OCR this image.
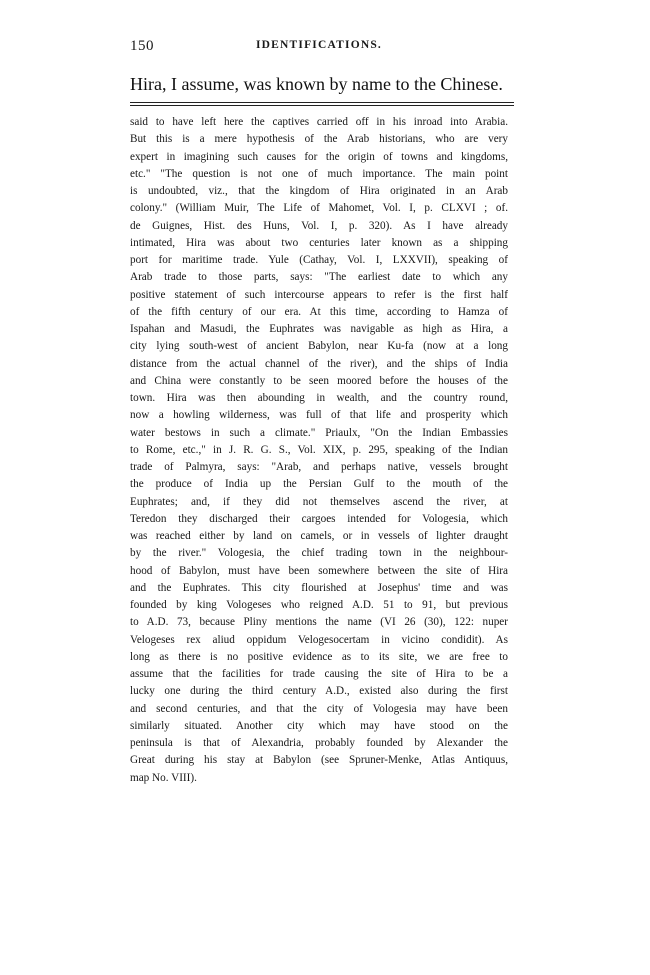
150	IDENTIFICATIONS.
Hira, I assume, was known by name to the Chinese.
said to have left here the captives carried off in his inroad into Arabia.
But this is a mere hypothesis of the Arab historians, who are very
expert in imagining such causes for the origin of towns and kingdoms,
etc." "The question is not one of much importance. The main point
is undoubted, viz., that the kingdom of Hira originated in an Arab
colony." (William Muir, The Life of Mahomet, Vol. I, p. CLXVI ; of.
de Guignes, Hist. des Huns, Vol. I, p. 320). As I have already
intimated, Hira was about two centuries later known as a shipping
port for maritime trade. Yule (Cathay, Vol. I, LXXVII), speaking of
Arab trade to those parts, says: "The earliest date to which any
positive statement of such intercourse appears to refer is the first half
of the fifth century of our era. At this time, according to Hamza of
Ispahan and Masudi, the Euphrates was navigable as high as Hira, a
city lying south-west of ancient Babylon, near Ku-fa (now at a long
distance from the actual channel of the river), and the ships of India
and China were constantly to be seen moored before the houses of the
town. Hira was then abounding in wealth, and the country round,
now a howling wilderness, was full of that life and prosperity which
water bestows in such a climate." Priaulx, "On the Indian Embassies
to Rome, etc.," in J. R. G. S., Vol. XIX, p. 295, speaking of the Indian
trade of Palmyra, says: "Arab, and perhaps native, vessels brought
the produce of India up the Persian Gulf to the mouth of the
Euphrates; and, if they did not themselves ascend the river, at
Teredon they discharged their cargoes intended for Vologesia, which
was reached either by land on camels, or in vessels of lighter draught
by the river." Vologesia, the chief trading town in the neighbour-
hood of Babylon, must have been somewhere between the site of Hira
and the Euphrates. This city flourished at Josephus' time and was
founded by king Vologeses who reigned A.D. 51 to 91, but previous
to A.D. 73, because Pliny mentions the name (VI 26 (30), 122: nuper
Velogeses rex aliud oppidum Velogesocertam in vicino condidit). As
long as there is no positive evidence as to its site, we are free to
assume that the facilities for trade causing the site of Hira to be a
lucky one during the third century A.D., existed also during the first
and second centuries, and that the city of Vologesia may have been
similarly situated. Another city which may have stood on the
peninsula is that of Alexandria, probably founded by Alexander the
Great during his stay at Babylon (see Spruner-Menke, Atlas Antiquus,
map No. VIII).
